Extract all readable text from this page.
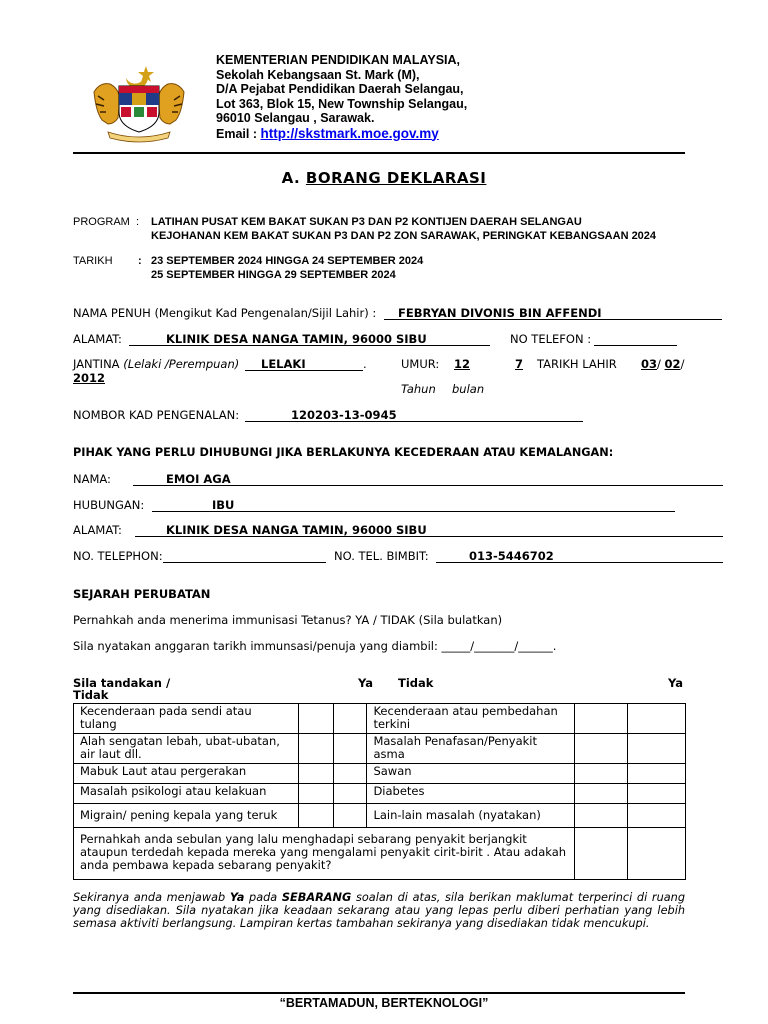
KEMENTERIAN PENDIDIKAN MALAYSIA,
Sekolah Kebangsaan St. Mark (M),
D/A Pejabat Pendidikan Daerah Selangau,
Lot 363, Blok 15, New Township Selangau,
96010 Selangau , Sarawak.
Email : http://skstmark.moe.gov.my
A. BORANG DEKLARASI
PROGRAM : LATIHAN PUSAT KEM BAKAT SUKAN P3 DAN P2 KONTIJEN DAERAH SELANGAU
KEJOHANAN KEM BAKAT SUKAN P3 DAN P2 ZON SARAWAK, PERINGKAT KEBANGSAAN 2024
TARIKH : 23 SEPTEMBER 2024 HINGGA 24 SEPTEMBER 2024
25 SEPTEMBER HINGGA 29 SEPTEMBER 2024
NAMA PENUH (Mengikut Kad Pengenalan/Sijil Lahir) : FEBRYAN DIVONIS BIN AFFENDI
ALAMAT:	KLINIK DESA NANGA TAMIN, 96000 SIBU	NO TELEFON :
JANTINA (Lelaki /Perempuan) LELAKI	.	UMUR: 12	7 TARIKH LAHIR 03/ 02/
2012
Tahun bulan
NOMBOR KAD PENGENALAN:	120203-13-0945
PIHAK YANG PERLU DIHUBUNGI JIKA BERLAKUNYA KECEDERAAN ATAU KEMALANGAN:
NAMA:	EMOI AGA
HUBUNGAN:	IBU
ALAMAT:	KLINIK DESA NANGA TAMIN, 96000 SIBU
NO. TELEPHON:	NO. TEL. BIMBIT:	013-5446702
SEJARAH PERUBATAN
Pernahkah anda menerima immunisasi Tetanus? YA / TIDAK (Sila bulatkan)
Sila nyatakan anggaran tarikh immunsasi/penuja yang diambil: _____/_______/______.
Sila tandakan /
Tidak
Ya Tidak	Ya
Kecenderaan pada sendi atau tulang			Kecenderaan atau pembedahan terkini		
Alah sengatan lebah, ubat-ubatan, air laut dll.			Masalah Penafasan/Penyakit asma		
Mabuk Laut atau pergerakan			Sawan		
Masalah psikologi atau kelakuan			Diabetes		
Migrain/ pening kepala yang teruk			Lain-lain masalah (nyatakan)		
Pernahkah anda sebulan yang lalu menghadapi sebarang penyakit berjangkit ataupun terdedah kepada mereka yang mengalami penyakit cirit-birit . Atau adakah anda pembawa kepada sebarang penyakit?					
Sekiranya anda menjawab Ya pada SEBARANG soalan di atas, sila berikan maklumat terperinci di ruang yang disediakan. Sila nyatakan jika keadaan sekarang atau yang lepas perlu diberi perhatian yang lebih semasa aktiviti berlangsung. Lampiran kertas tambahan sekiranya yang disediakan tidak mencukupi.
“BERTAMADUN, BERTEKNOLOGI”
